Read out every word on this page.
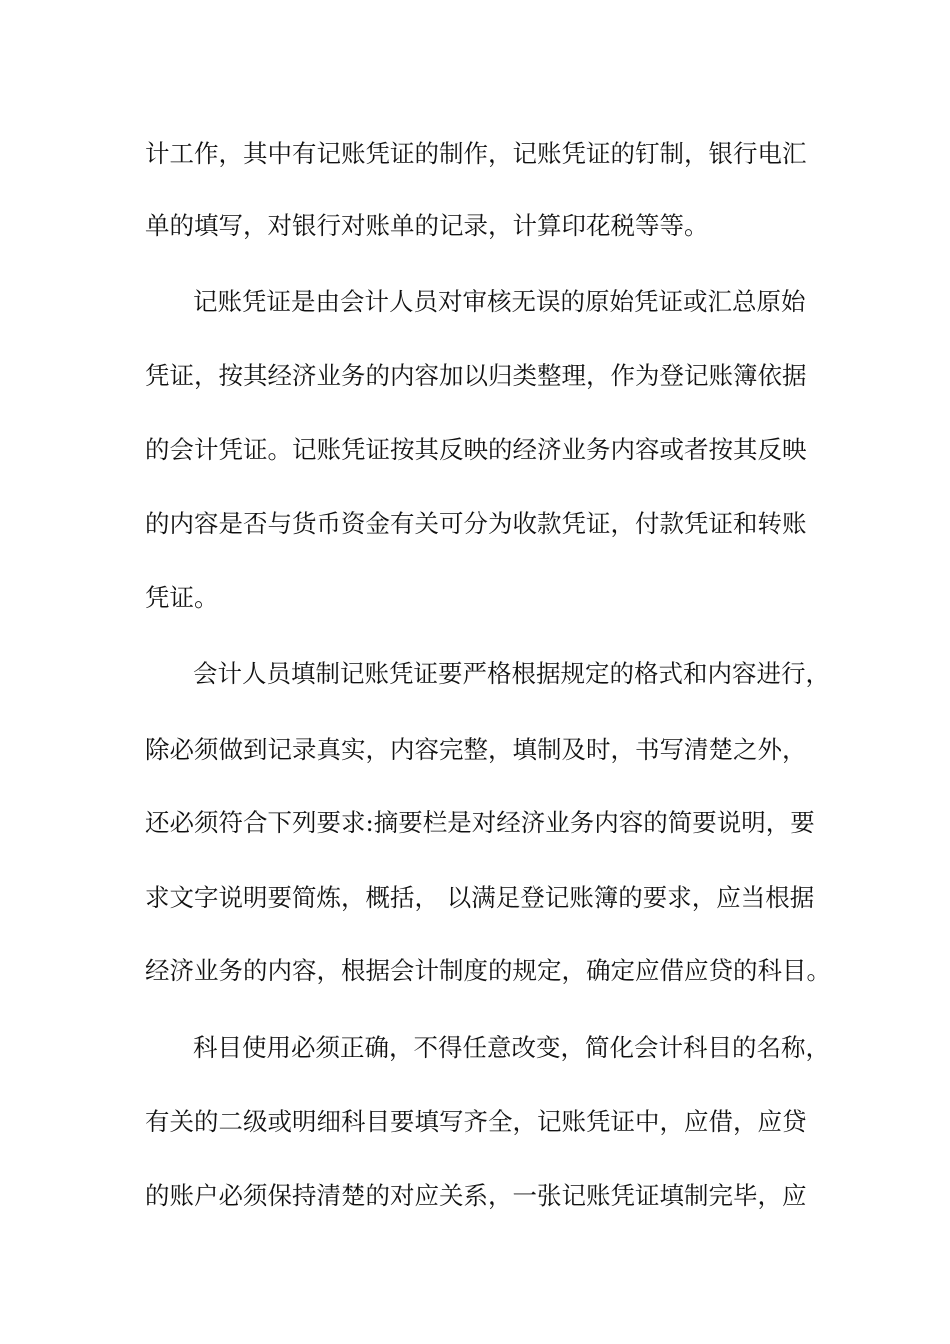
计工作，其中有记账凭证的制作，记账凭证的钉制，银行电汇
单的填写，对银行对账单的记录，计算印花税等等。
记账凭证是由会计人员对审核无误的原始凭证或汇总原始
凭证，按其经济业务的内容加以归类整理，作为登记账簿依据
的会计凭证。记账凭证按其反映的经济业务内容或者按其反映
的内容是否与货币资金有关可分为收款凭证，付款凭证和转账
凭证。
会计人员填制记账凭证要严格根据规定的格式和内容进行，
除必须做到记录真实，内容完整，填制及时，书写清楚之外，
还必须符合下列要求:摘要栏是对经济业务内容的简要说明，要
求文字说明要简炼，概括， 以满足登记账簿的要求，应当根据
经济业务的内容，根据会计制度的规定，确定应借应贷的科目。
科目使用必须正确，不得任意改变，简化会计科目的名称，
有关的二级或明细科目要填写齐全，记账凭证中，应借，应贷
的账户必须保持清楚的对应关系，一张记账凭证填制完毕，应
